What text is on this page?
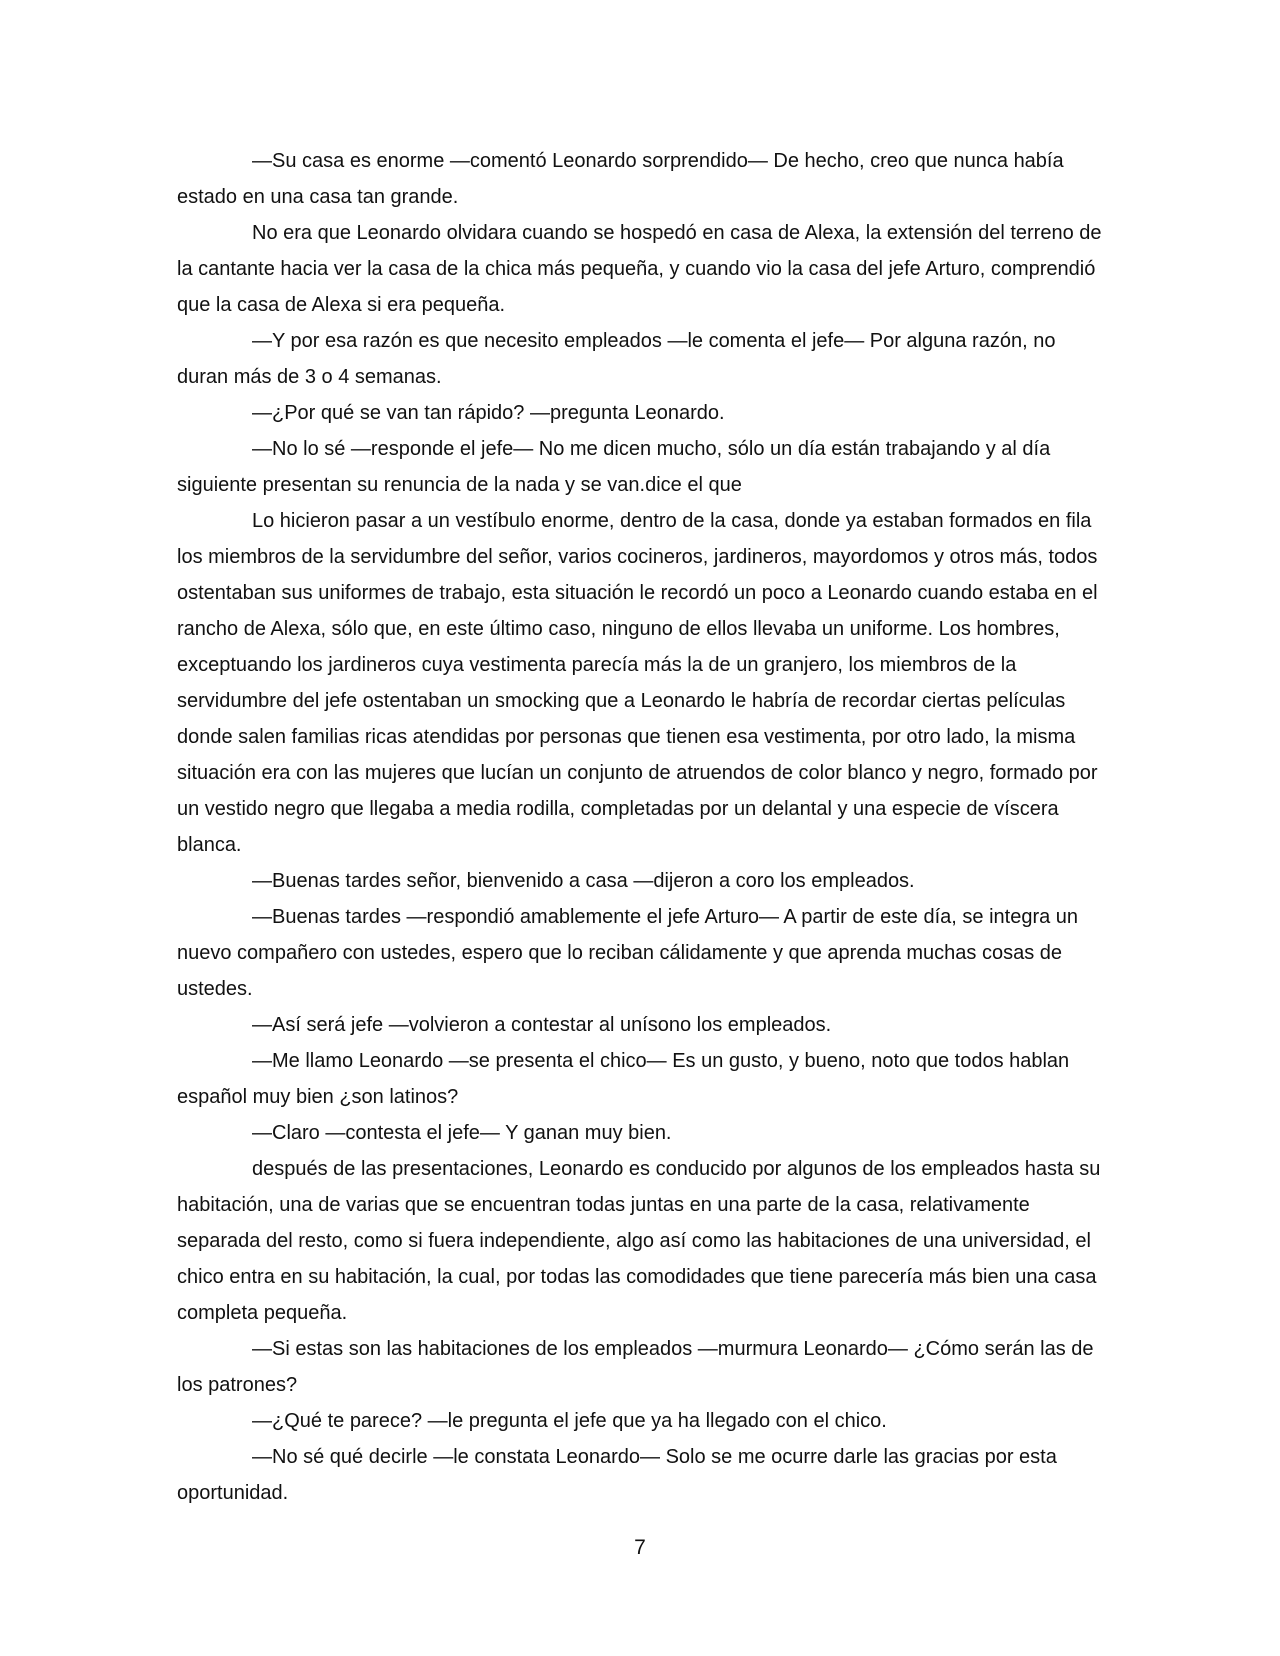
—Su casa es enorme —comentó Leonardo sorprendido— De hecho, creo que nunca había estado en una casa tan grande.

No era que Leonardo olvidara cuando se hospedó en casa de Alexa, la extensión del terreno de la cantante hacia ver la casa de la chica más pequeña, y cuando vio la casa del jefe Arturo, comprendió que la casa de Alexa si era pequeña.

—Y por esa razón es que necesito empleados —le comenta el jefe— Por alguna razón, no duran más de 3 o 4 semanas.

—¿Por qué se van tan rápido? —pregunta Leonardo.

—No lo sé —responde el jefe— No me dicen mucho, sólo un día están trabajando y al día siguiente presentan su renuncia de la nada y se van.dice el que

Lo hicieron pasar a un vestíbulo enorme, dentro de la casa, donde ya estaban formados en fila los miembros de la servidumbre del señor, varios cocineros, jardineros, mayordomos y otros más, todos ostentaban sus uniformes de trabajo, esta situación le recordó un poco a Leonardo cuando estaba en el rancho de Alexa, sólo que, en este último caso, ninguno de ellos llevaba un uniforme. Los hombres, exceptuando los jardineros cuya vestimenta parecía más la de un granjero, los miembros de la servidumbre del jefe ostentaban un smocking que a Leonardo le habría de recordar ciertas películas donde salen familias ricas atendidas por personas que tienen esa vestimenta, por otro lado, la misma situación era con las mujeres que lucían un conjunto de atruendos de color blanco y negro, formado por un vestido negro que llegaba a media rodilla, completadas por un delantal y una especie de víscera blanca.

—Buenas tardes señor, bienvenido a casa —dijeron a coro los empleados.

—Buenas tardes —respondió amablemente el jefe Arturo— A partir de este día, se integra un nuevo compañero con ustedes, espero que lo reciban cálidamente y que aprenda muchas cosas de ustedes.

—Así será jefe —volvieron a contestar al unísono los empleados.

—Me llamo Leonardo —se presenta el chico— Es un gusto, y bueno, noto que todos hablan español muy bien ¿son latinos?

—Claro —contesta el jefe— Y ganan muy bien.

después de las presentaciones, Leonardo es conducido por algunos de los empleados hasta su habitación, una de varias que se encuentran todas juntas en una parte de la casa, relativamente separada del resto, como si fuera independiente, algo así como las habitaciones de una universidad, el chico entra en su habitación, la cual, por todas las comodidades que tiene parecería más bien una casa completa pequeña.

—Si estas son las habitaciones de los empleados —murmura Leonardo— ¿Cómo serán las de los patrones?

—¿Qué te parece? —le pregunta el jefe que ya ha llegado con el chico.

—No sé qué decirle —le constata Leonardo— Solo se me ocurre darle las gracias por esta oportunidad.

7
